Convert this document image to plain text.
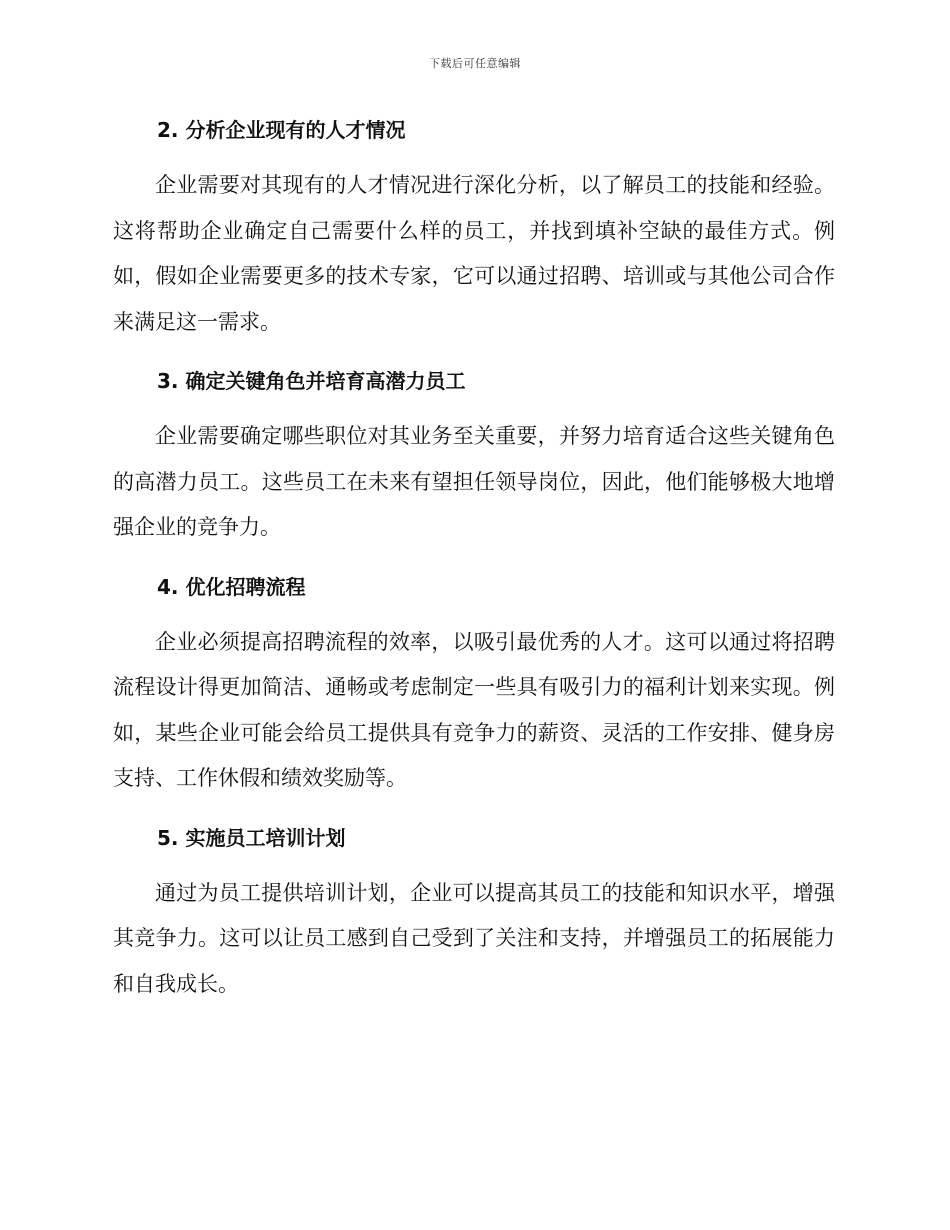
下载后可任意编辑
2. 分析企业现有的人才情况

企业需要对其现有的人才情况进行深化分析，以了解员工的技能和经验。这将帮助企业确定自己需要什么样的员工，并找到填补空缺的最佳方式。例如，假如企业需要更多的技术专家，它可以通过招聘、培训或与其他公司合作来满足这一需求。

3. 确定关键角色并培育高潜力员工

企业需要确定哪些职位对其业务至关重要，并努力培育适合这些关键角色的高潜力员工。这些员工在未来有望担任领导岗位，因此，他们能够极大地增强企业的竞争力。

4. 优化招聘流程

企业必须提高招聘流程的效率，以吸引最优秀的人才。这可以通过将招聘流程设计得更加简洁、通畅或考虑制定一些具有吸引力的福利计划来实现。例如，某些企业可能会给员工提供具有竞争力的薪资、灵活的工作安排、健身房支持、工作休假和绩效奖励等。

5. 实施员工培训计划

通过为员工提供培训计划，企业可以提高其员工的技能和知识水平，增强其竞争力。这可以让员工感到自己受到了关注和支持，并增强员工的拓展能力和自我成长。
